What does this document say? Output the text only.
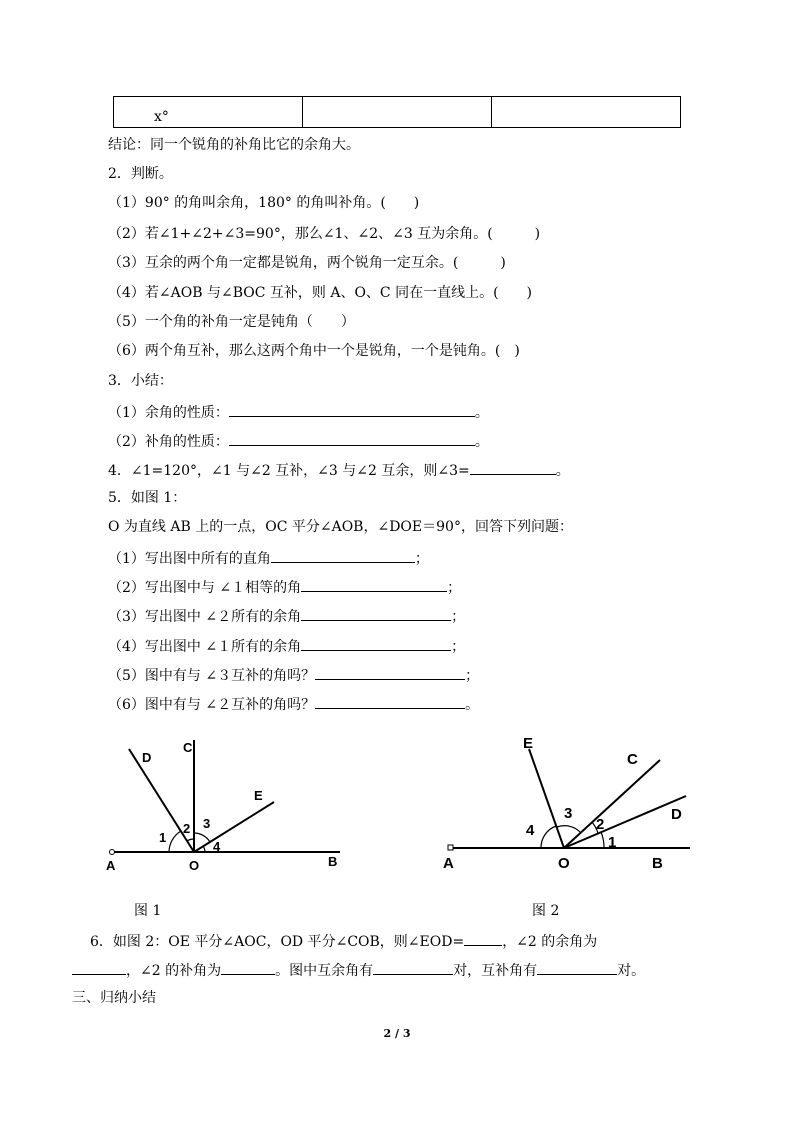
x°		
结论：同一个锐角的补角比它的余角大。
2．判断。
（1）90° 的角叫余角，180° 的角叫补角。(　　)
（2）若∠1+∠2+∠3=90°，那么∠1、∠2、∠3 互为余角。(　　　)
（3）互余的两个角一定都是锐角，两个锐角一定互余。(　　　)
（4）若∠AOB 与∠BOC 互补，则 A、O、C 同在一直线上。(　　)
（5）一个角的补角一定是钝角（　　）
（6）两个角互补，那么这两个角中一个是锐角，一个是钝角。(　)
3．小结：
（1）余角的性质：	。
（2）补角的性质：	。
4．∠1=120°，∠1 与∠2 互补，∠3 与∠2 互余，则∠3=	。
5．如图 1：
O 为直线 AB 上的一点，OC 平分∠AOB，∠DOE＝90°，回答下列问题：
（1）写出图中所有的直角	；
（2）写出图中与 ∠１相等的角	；
（3）写出图中 ∠２所有的余角	；
（4）写出图中 ∠１所有的余角	；
（5）图中有与 ∠３互补的角吗？	；
（6）图中有与 ∠２互补的角吗？	。
A	O	B
C
D
E
1
2 3
4
图 1
A	O	B
C
D
E
1
2
3
4
图 2
6．如图 2：OE 平分∠AOC，OD 平分∠COB，则∠EOD=	，∠2 的余角为
，∠2 的补角为	。图中互余角有	对，互补角有	对。
三、归纳小结
2 / 3
